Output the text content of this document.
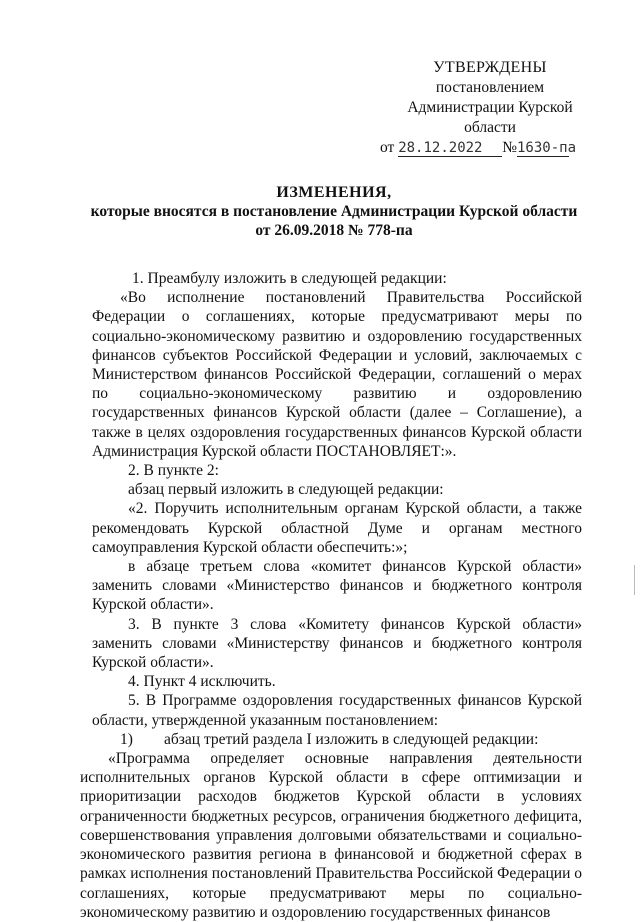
УТВЕРЖДЕНЫ
постановлением
Администрации Курской
области
от 28.12.2022 №1630-па
ИЗМЕНЕНИЯ,
которые вносятся в постановление Администрации Курской области
от 26.09.2018 № 778-па

1. Преамбулу изложить в следующей редакции:

«Во исполнение постановлений Правительства Российской Федерации о соглашениях, которые предусматривают меры по социально-экономическому развитию и оздоровлению государственных финансов субъектов Российской Федерации и условий, заключаемых с Министерством финансов Российской Федерации, соглашений о мерах по социально-экономическому развитию и оздоровлению государственных финансов Курской области (далее – Соглашение), а также в целях оздоровления государственных финансов Курской области Администрация Курской области ПОСТАНОВЛЯЕТ:».

2. В пункте 2:

абзац первый изложить в следующей редакции:

«2. Поручить исполнительным органам Курской области, а также рекомендовать Курской областной Думе и органам местного самоуправления Курской области обеспечить:»;

в абзаце третьем слова «комитет финансов Курской области» заменить словами «Министерство финансов и бюджетного контроля Курской области».

3. В пункте 3 слова «Комитету финансов Курской области» заменить словами «Министерству финансов и бюджетного контроля Курской области».

4. Пункт 4 исключить.

5. В Программе оздоровления государственных финансов Курской области, утвержденной указанным постановлением:

1) абзац третий раздела I изложить в следующей редакции:

«Программа определяет основные направления деятельности исполнительных органов Курской области в сфере оптимизации и приоритизации расходов бюджетов Курской области в условиях ограниченности бюджетных ресурсов, ограничения бюджетного дефицита, совершенствования управления долговыми обязательствами и социально-экономического развития региона в финансовой и бюджетной сферах в рамках исполнения постановлений Правительства Российской Федерации о соглашениях, которые предусматривают меры по социально-экономическому развитию и оздоровлению государственных финансов
